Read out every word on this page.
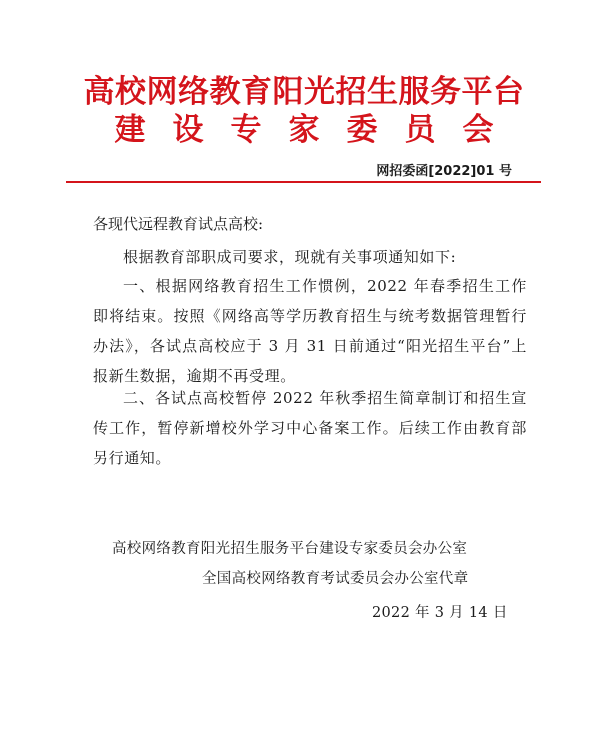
高校网络教育阳光招生服务平台
建设专家委员会
网招委函[2022]01 号
各现代远程教育试点高校:

根据教育部职成司要求，现就有关事项通知如下:

一、根据网络教育招生工作惯例，2022 年春季招生工作即将结束。按照《网络高等学历教育招生与统考数据管理暂行办法》，各试点高校应于 3 月 31 日前通过“阳光招生平台”上报新生数据，逾期不再受理。

二、各试点高校暂停 2022 年秋季招生简章制订和招生宣传工作，暂停新增校外学习中心备案工作。后续工作由教育部另行通知。

高校网络教育阳光招生服务平台建设专家委员会办公室
全国高校网络教育考试委员会办公室代章
2022 年 3 月 14 日
